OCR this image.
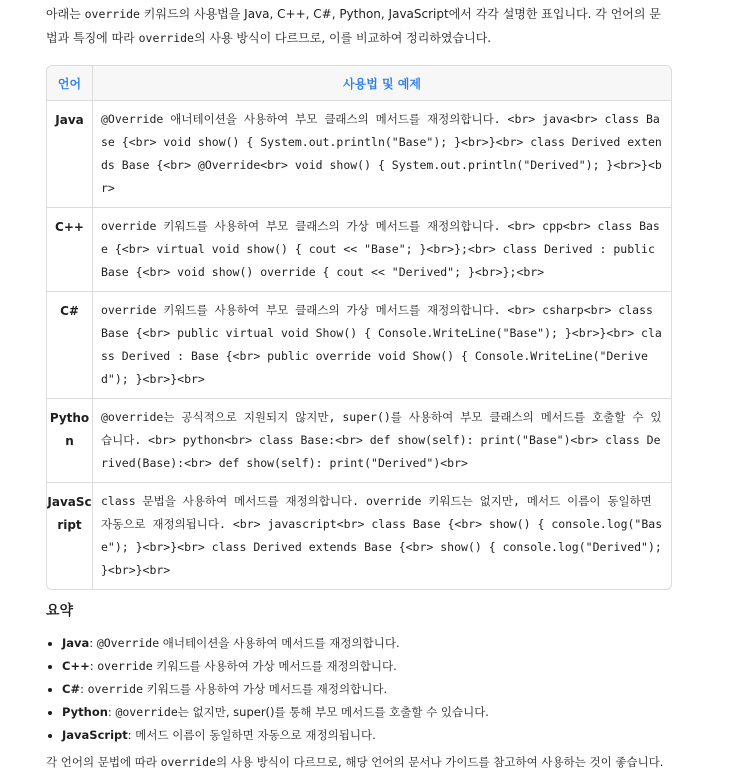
아래는 override 키워드의 사용법을 Java, C++, C#, Python, JavaScript에서 각각 설명한 표입니다. 각 언어의 문법과 특징에 따라 override의 사용 방식이 다르므로, 이를 비교하여 정리하였습니다.

언어	사용법 및 예제
Java	@Override 애너테이션을 사용하여 부모 클래스의 메서드를 재정의합니다. <br> java<br> class Base {<br> void show() { System.out.println("Base"); }<br>}<br> class Derived extends Base {<br> @Override<br> void show() { System.out.println("Derived"); }<br>}<br>
C++	override 키워드를 사용하여 부모 클래스의 가상 메서드를 재정의합니다. <br> cpp<br> class Base {<br> virtual void show() { cout << "Base"; }<br>};<br> class Derived : public Base {<br> void show() override { cout << "Derived"; }<br>};<br>
C#	override 키워드를 사용하여 부모 클래스의 가상 메서드를 재정의합니다. <br> csharp<br> class Base {<br> public virtual void Show() { Console.WriteLine("Base"); }<br>}<br> class Derived : Base {<br> public override void Show() { Console.WriteLine("Derived"); }<br>}<br>
Python	@override는 공식적으로 지원되지 않지만, super()를 사용하여 부모 클래스의 메서드를 호출할 수 있습니다. <br> python<br> class Base:<br> def show(self): print("Base")<br> class Derived(Base):<br> def show(self): print("Derived")<br>
JavaScript	class 문법을 사용하여 메서드를 재정의합니다. override 키워드는 없지만, 메서드 이름이 동일하면 자동으로 재정의됩니다. <br> javascript<br> class Base {<br> show() { console.log("Base"); }<br>}<br> class Derived extends Base {<br> show() { console.log("Derived"); }<br>}<br>
요약
• Java: @Override 애너테이션을 사용하여 메서드를 재정의합니다.
• C++: override 키워드를 사용하여 가상 메서드를 재정의합니다.
• C#: override 키워드를 사용하여 가상 메서드를 재정의합니다.
• Python: @override는 없지만, super()를 통해 부모 메서드를 호출할 수 있습니다.
• JavaScript: 메서드 이름이 동일하면 자동으로 재정의됩니다.

각 언어의 문법에 따라 override의 사용 방식이 다르므로, 해당 언어의 문서나 가이드를 참고하여 사용하는 것이 좋습니다.
